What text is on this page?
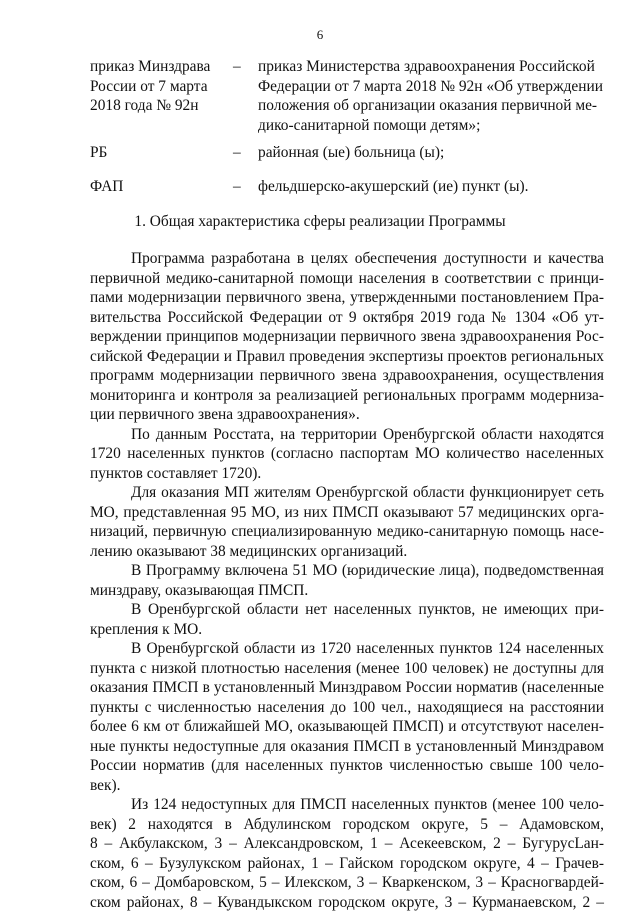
6
приказ Минздрава
России от 7 марта
2018 года № 92н
– приказ Министерства здравоохранения Российской
Федерации от 7 марта 2018 № 92н «Об утверждении
положения об организации оказания первичной ме-
дико-санитарной помощи детям»;
РБ	– районная (ые) больница (ы);
ФАП	– фельдшерско-акушерский (ие) пункт (ы).
1. Общая характеристика сферы реализации Программы
Программа разработана в целях обеспечения доступности и качества
первичной медико-санитарной помощи населения в соответствии с принци-
пами модернизации первичного звена, утвержденными постановлением Пра-
вительства Российской Федерации от 9 октября 2019 года № 1304 «Об ут-
верждении принципов модернизации первичного звена здравоохранения Рос-
сийской Федерации и Правил проведения экспертизы проектов региональных
программ модернизации первичного звена здравоохранения, осуществления
мониторинга и контроля за реализацией региональных программ модерниза-
ции первичного звена здравоохранения».
По данным Росстата, на территории Оренбургской области находятся
1720 населенных пунктов (согласно паспортам МО количество населенных
пунктов составляет 1720).
Для оказания МП жителям Оренбургской области функционирует сеть
МО, представленная 95 МО, из них ПМСП оказывают 57 медицинских орга-
низаций, первичную специализированную медико-санитарную помощь насе-
лению оказывают 38 медицинских организаций.
В Программу включена 51 МО (юридические лица), подведомственная
минздраву, оказывающая ПМСП.
В Оренбургской области нет населенных пунктов, не имеющих при-
крепления к МО.
В Оренбургской области из 1720 населенных пунктов 124 населенных
пункта с низкой плотностью населения (менее 100 человек) не доступны для
оказания ПМСП в установленный Минздравом России норматив (населенные
пункты с численностью населения до 100 чел., находящиеся на расстоянии
более 6 км от ближайшей МО, оказывающей ПМСП) и отсутствуют населен-
ные пункты недоступные для оказания ПМСП в установленный Минздравом
России норматив (для населенных пунктов численностью свыше 100 чело-
век).
Из 124 недоступных для ПМСП населенных пунктов (менее 100 чело-
век) 2 находятся в Абдулинском городском округе, 5 – Адамовском,
8 – Акбулакском, 3 – Александровском, 1 – Асекеевском, 2 – БугурусLан-
ском, 6 – Бузулукском районах, 1 – Гайском городском округе, 4 – Грачев-
ском, 6 – Домбаровском, 5 – Илекском, 3 – Кваркенском, 3 – Красногвардей-
ском районах, 8 – Кувандыкском городском округе, 3 – Курманаевском, 2 –
